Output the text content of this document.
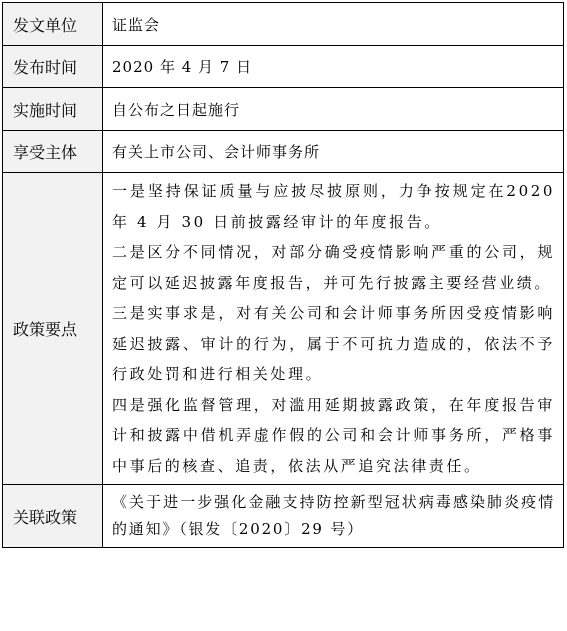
发文单位	证监会
发布时间	2020 年 4 月 7 日
实施时间	自公布之日起施行
享受主体	有关上市公司、会计师事务所
政策要点	一是坚持保证质量与应披尽披原则，力争按规定在2020 年 4 月 30 日前披露经审计的年度报告。

二是区分不同情况，对部分确受疫情影响严重的公司，规定可以延迟披露年度报告，并可先行披露主要经营业绩。

三是实事求是，对有关公司和会计师事务所因受疫情影响延迟披露、审计的行为，属于不可抗力造成的，依法不予行政处罚和进行相关处理。

四是强化监督管理，对滥用延期披露政策，在年度报告审计和披露中借机弄虚作假的公司和会计师事务所，严格事中事后的核查、追责，依法从严追究法律责任。

关联政策	《关于进一步强化金融支持防控新型冠状病毒感染肺炎疫情的通知》（银发〔2020〕29 号）
